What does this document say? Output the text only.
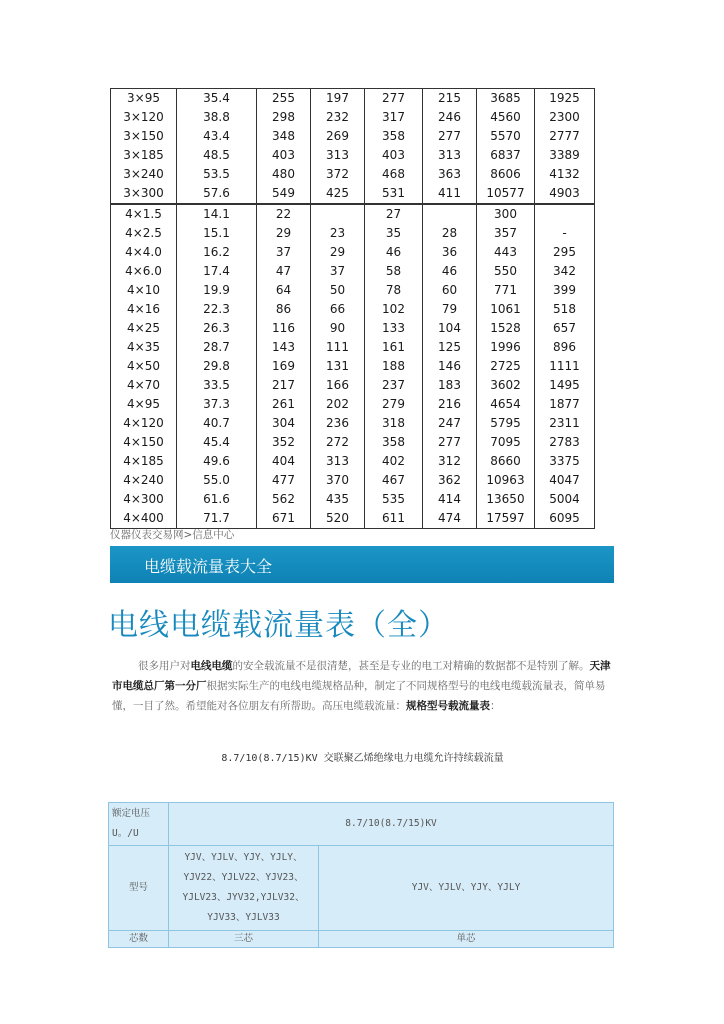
3×95	35.4	255	197	277	215	3685	1925
3×120	38.8	298	232	317	246	4560	2300
3×150	43.4	348	269	358	277	5570	2777
3×185	48.5	403	313	403	313	6837	3389
3×240	53.5	480	372	468	363	8606	4132
3×300	57.6	549	425	531	411	10577	4903
4×1.5	14.1	22		27		300	
4×2.5	15.1	29	23	35	28	357	-
4×4.0	16.2	37	29	46	36	443	295
4×6.0	17.4	47	37	58	46	550	342
4×10	19.9	64	50	78	60	771	399
4×16	22.3	86	66	102	79	1061	518
4×25	26.3	116	90	133	104	1528	657
4×35	28.7	143	111	161	125	1996	896
4×50	29.8	169	131	188	146	2725	1111
4×70	33.5	217	166	237	183	3602	1495
4×95	37.3	261	202	279	216	4654	1877
4×120	40.7	304	236	318	247	5795	2311
4×150	45.4	352	272	358	277	7095	2783
4×185	49.6	404	313	402	312	8660	3375
4×240	55.0	477	370	467	362	10963	4047
4×300	61.6	562	435	535	414	13650	5004
4×400	71.7	671	520	611	474	17597	6095
仪器仪表交易网>信息中心
电缆载流量表大全
电线电缆载流量表（全）
很多用户对电线电缆的安全载流量不是很清楚，甚至是专业的电工对精确的数据都不是特别了解。天津市电缆总厂第一分厂根据实际生产的电线电缆规格品种，制定了不同规格型号的电线电缆载流量表，简单易懂，一目了然。希望能对各位朋友有所帮助。高压电缆载流量：规格型号载流量表：
8.7/10(8.7/15)KV 交联聚乙烯绝缘电力电缆允许持续载流量
额定电压U。/U	8.7/10(8.7/15)KV	
型号	YJV、YJLV、YJY、YJLY、YJV22、YJLV22、YJV23、YJLV23、JYV32,YJLV32、YJV33、YJLV33	YJV、YJLV、YJY、YJLY
芯数	三芯	单芯
